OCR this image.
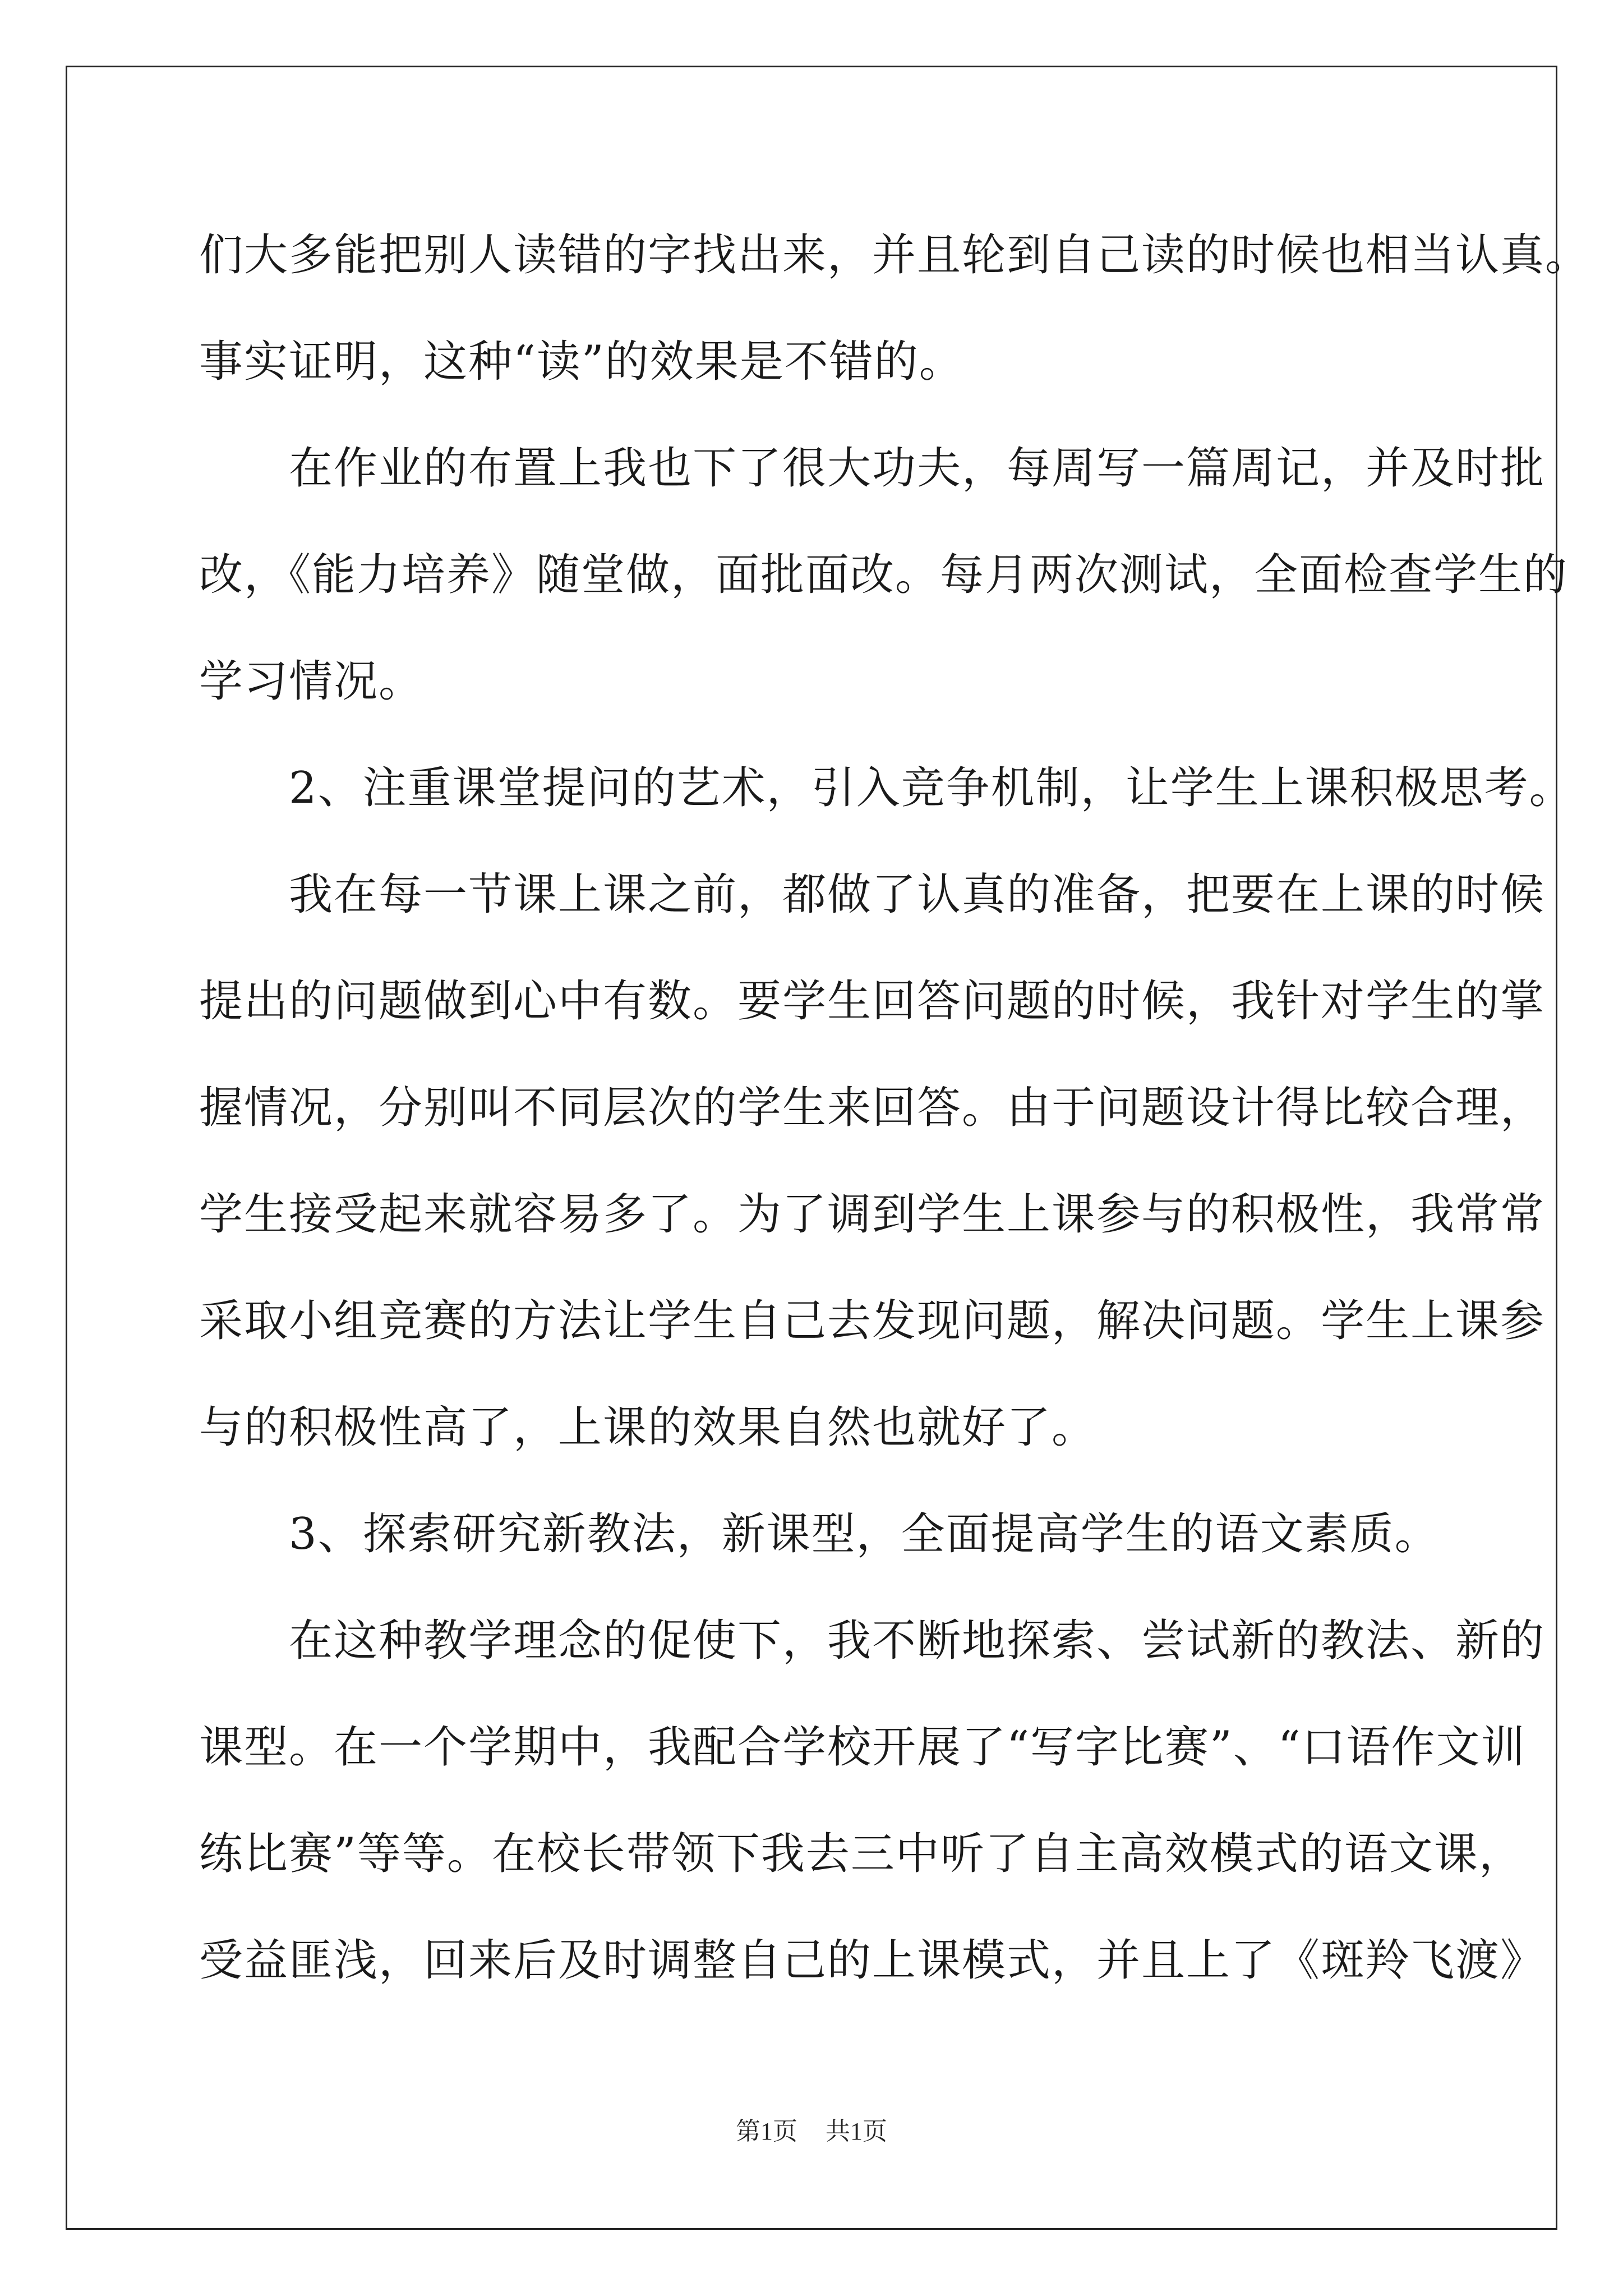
们大多能把别人读错的字找出来，并且轮到自己读的时候也相当认真。
事实证明，这种“读”的效果是不错的。
在作业的布置上我也下了很大功夫，每周写一篇周记，并及时批
改，《能力培养》随堂做，面批面改。每月两次测试，全面检查学生的
学习情况。
2、注重课堂提问的艺术，引入竞争机制，让学生上课积极思考。
我在每一节课上课之前，都做了认真的准备，把要在上课的时候
提出的问题做到心中有数。要学生回答问题的时候，我针对学生的掌
握情况，分别叫不同层次的学生来回答。由于问题设计得比较合理，
学生接受起来就容易多了。为了调到学生上课参与的积极性，我常常
采取小组竞赛的方法让学生自己去发现问题，解决问题。学生上课参
与的积极性高了，上课的效果自然也就好了。
3、探索研究新教法，新课型，全面提高学生的语文素质。
在这种教学理念的促使下，我不断地探索、尝试新的教法、新的
课型。在一个学期中，我配合学校开展了“写字比赛”、“口语作文训
练比赛”等等。在校长带领下我去三中听了自主高效模式的语文课，
受益匪浅，回来后及时调整自己的上课模式，并且上了《斑羚飞渡》
第1页 共1页
